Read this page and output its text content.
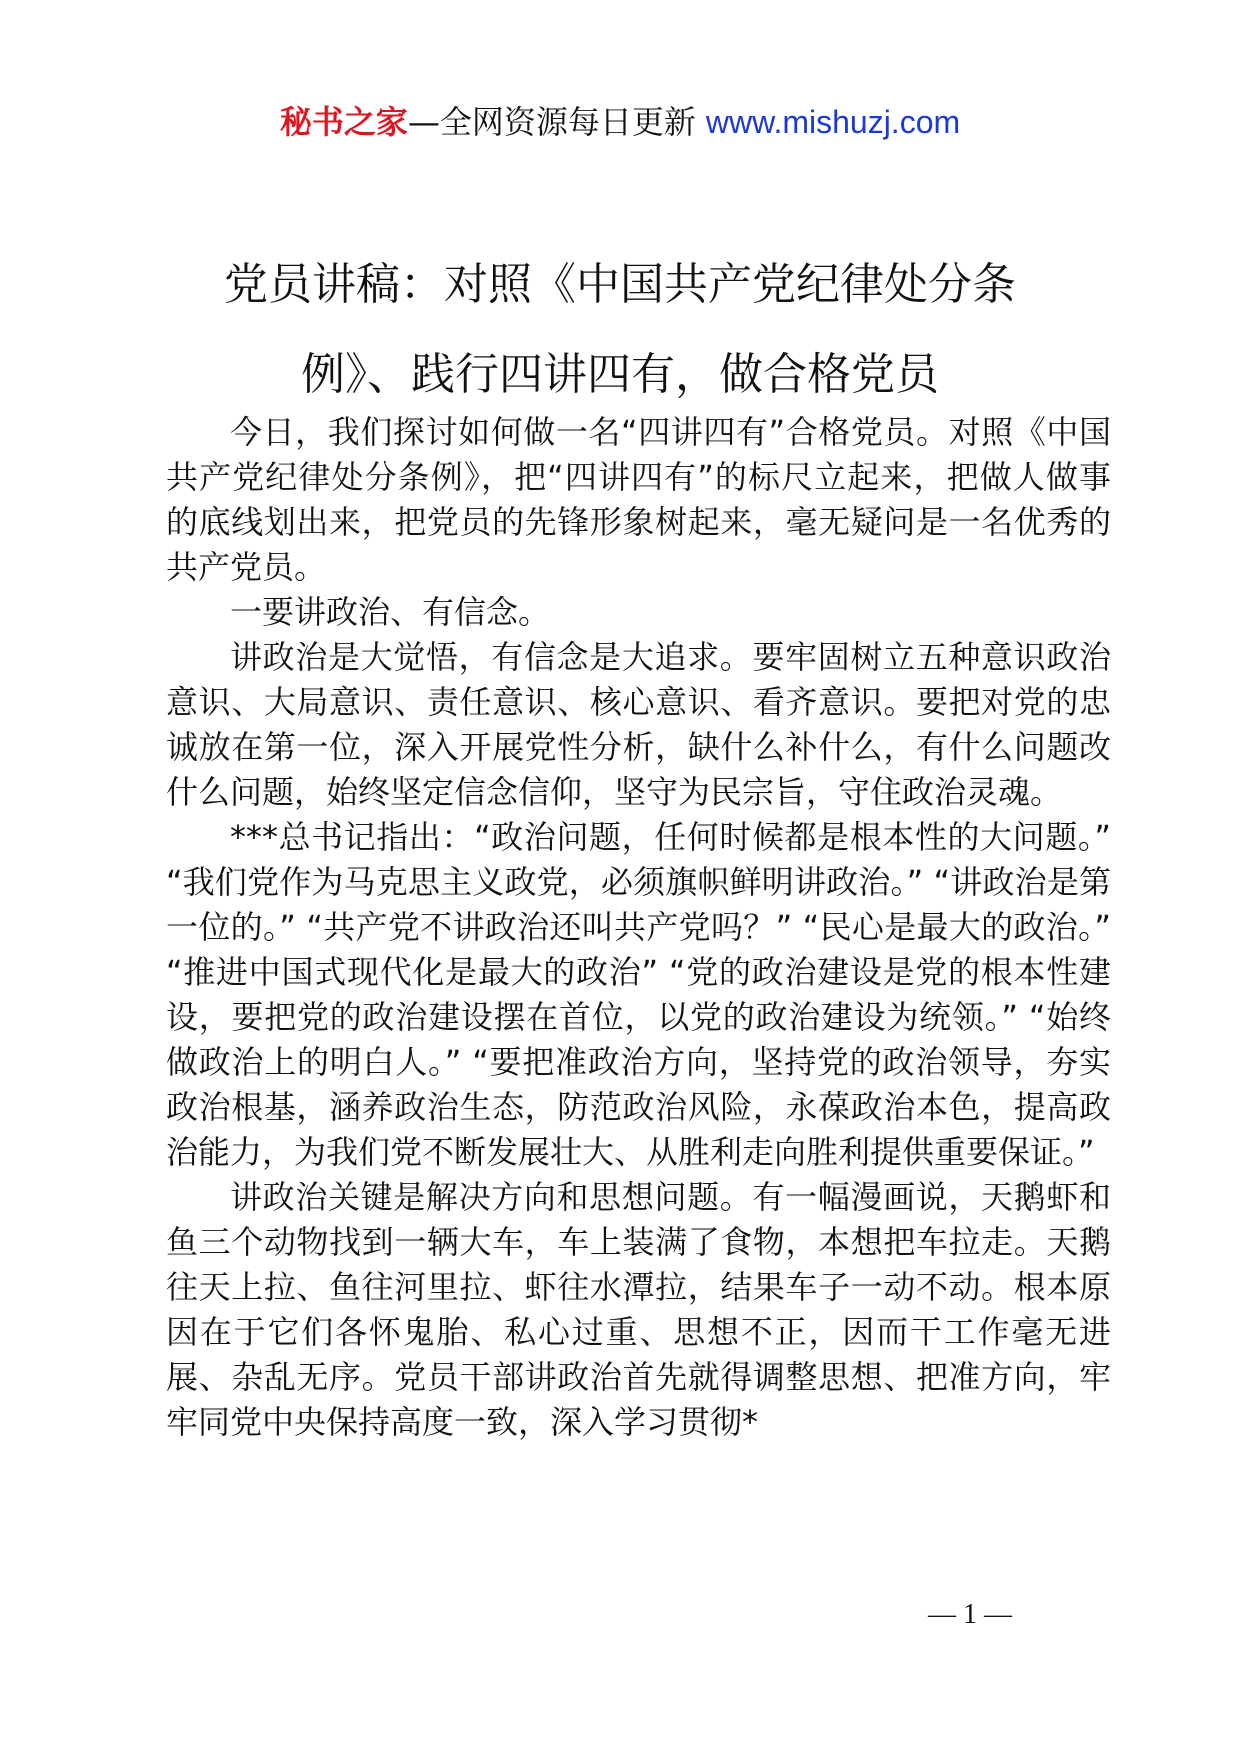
秘书之家—全网资源每日更新 www.mishuzj.com
党员讲稿：对照《中国共产党纪律处分条
例》、践行四讲四有，做合格党员

今日，我们探讨如何做一名“四讲四有”合格党员。对照《中国共产党纪律处分条例》，把“四讲四有”的标尺立起来，把做人做事的底线划出来，把党员的先锋形象树起来，毫无疑问是一名优秀的共产党员。

一要讲政治、有信念。

讲政治是大觉悟，有信念是大追求。要牢固树立五种意识政治意识、大局意识、责任意识、核心意识、看齐意识。要把对党的忠诚放在第一位，深入开展党性分析，缺什么补什么，有什么问题改什么问题，始终坚定信念信仰，坚守为民宗旨，守住政治灵魂。

***总书记指出：“政治问题，任何时候都是根本性的大问题。” “我们党作为马克思主义政党，必须旗帜鲜明讲政治。” “讲政治是第一位的。” “共产党不讲政治还叫共产党吗？” “民心是最大的政治。” “推进中国式现代化是最大的政治” “党的政治建设是党的根本性建设，要把党的政治建设摆在首位，以党的政治建设为统领。” “始终做政治上的明白人。” “要把准政治方向，坚持党的政治领导，夯实政治根基，涵养政治生态，防范政治风险，永葆政治本色，提高政治能力，为我们党不断发展壮大、从胜利走向胜利提供重要保证。”

讲政治关键是解决方向和思想问题。有一幅漫画说，天鹅虾和鱼三个动物找到一辆大车，车上装满了食物，本想把车拉走。天鹅往天上拉、鱼往河里拉、虾往水潭拉，结果车子一动不动。根本原因在于它们各怀鬼胎、私心过重、思想不正，因而干工作毫无进展、杂乱无序。党员干部讲政治首先就得调整思想、把准方向，牢牢同党中央保持高度一致，深入学习贯彻*

— 1 —
